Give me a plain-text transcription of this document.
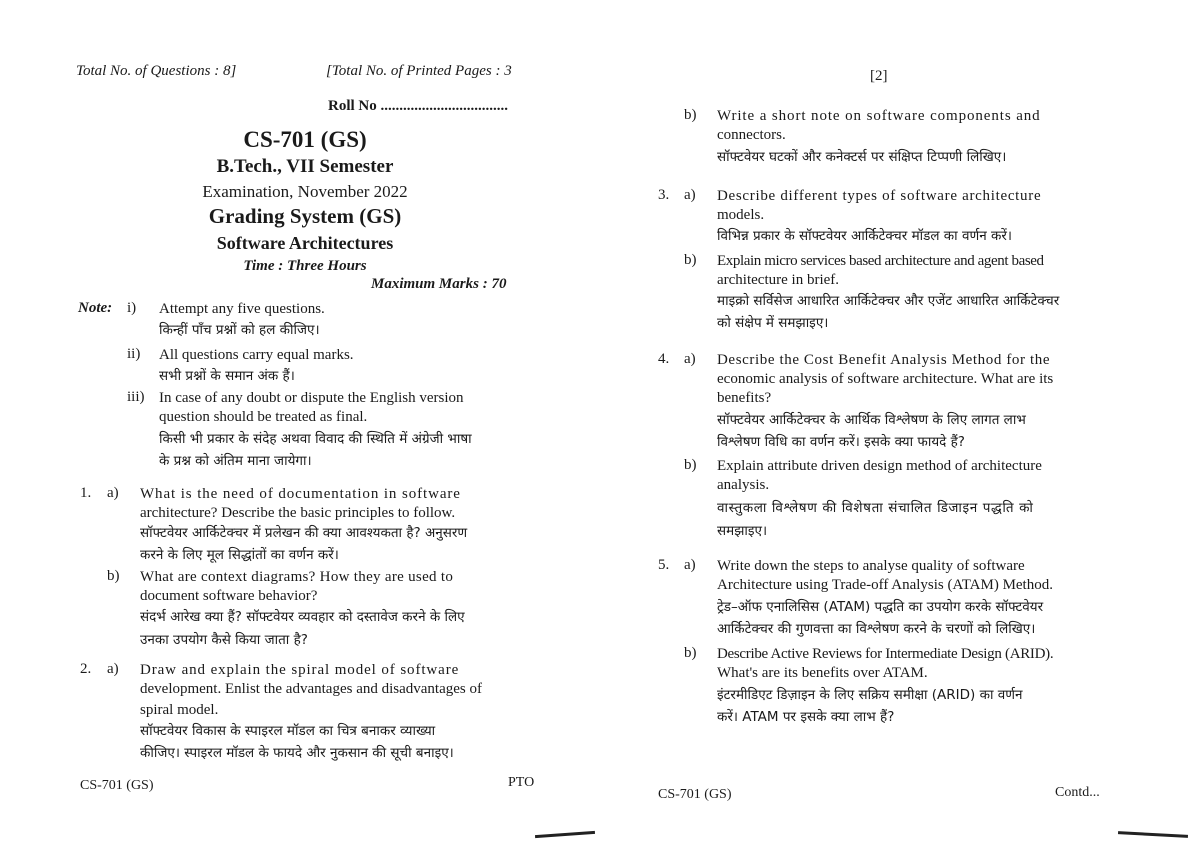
Total No. of Questions : 8]	[Total No. of Printed Pages : 3
Roll No ..................................
CS-701 (GS)
B.Tech., VII Semester
Examination, November 2022
Grading System (GS)
Software Architectures
Time : Three Hours
Maximum Marks : 70
Note: i) Attempt any five questions.
किन्हीं पाँच प्रश्नों को हल कीजिए।
ii) All questions carry equal marks.
सभी प्रश्नों के समान अंक हैं।
iii) In case of any doubt or dispute the English version
question should be treated as final.
किसी भी प्रकार के संदेह अथवा विवाद की स्थिति में अंग्रेजी भाषा
के प्रश्न को अंतिम माना जायेगा।
1. a) What is the need of documentation in software
architecture? Describe the basic principles to follow.
सॉफ्टवेयर आर्किटेक्चर में प्रलेखन की क्या आवश्यकता है? अनुसरण
करने के लिए मूल सिद्धांतों का वर्णन करें।
b) What are context diagrams? How they are used to
document software behavior?
संदर्भ आरेख क्या हैं? सॉफ्टवेयर व्यवहार को दस्तावेज करने के लिए
उनका उपयोग कैसे किया जाता है?
2. a) Draw and explain the spiral model of software
development. Enlist the advantages and disadvantages of
spiral model.
सॉफ्टवेयर विकास के स्पाइरल मॉडल का चित्र बनाकर व्याख्या
कीजिए। स्पाइरल मॉडल के फायदे और नुकसान की सूची बनाइए।
CS-701 (GS)	PTO
[2]
b) Write a short note on software components and
connectors.
सॉफ्टवेयर घटकों और कनेक्टर्स पर संक्षिप्त टिप्पणी लिखिए।
3. a) Describe different types of software architecture
models.
विभिन्न प्रकार के सॉफ्टवेयर आर्किटेक्चर मॉडल का वर्णन करें।
b) Explain micro services based architecture and agent based
architecture in brief.
माइक्रो सर्विसेज आधारित आर्किटेक्चर और एजेंट आधारित आर्किटेक्चर
को संक्षेप में समझाइए।
4. a) Describe the Cost Benefit Analysis Method for the
economic analysis of software architecture. What are its
benefits?
सॉफ्टवेयर आर्किटेक्चर के आर्थिक विश्लेषण के लिए लागत लाभ
विश्लेषण विधि का वर्णन करें। इसके क्या फायदे हैं?
b) Explain attribute driven design method of architecture
analysis.
वास्तुकला विश्लेषण की विशेषता संचालित डिजाइन पद्धति को
समझाइए।
5. a) Write down the steps to analyse quality of software
Architecture using Trade-off Analysis (ATAM) Method.
ट्रेड–ऑफ एनालिसिस (ATAM) पद्धति का उपयोग करके सॉफ्टवेयर
आर्किटेक्चर की गुणवत्ता का विश्लेषण करने के चरणों को लिखिए।
b) Describe Active Reviews for Intermediate Design (ARID).
What's are its benefits over ATAM.
इंटरमीडिएट डिज़ाइन के लिए सक्रिय समीक्षा (ARID) का वर्णन
करें। ATAM पर इसके क्या लाभ हैं?
CS-701 (GS)	Contd...
